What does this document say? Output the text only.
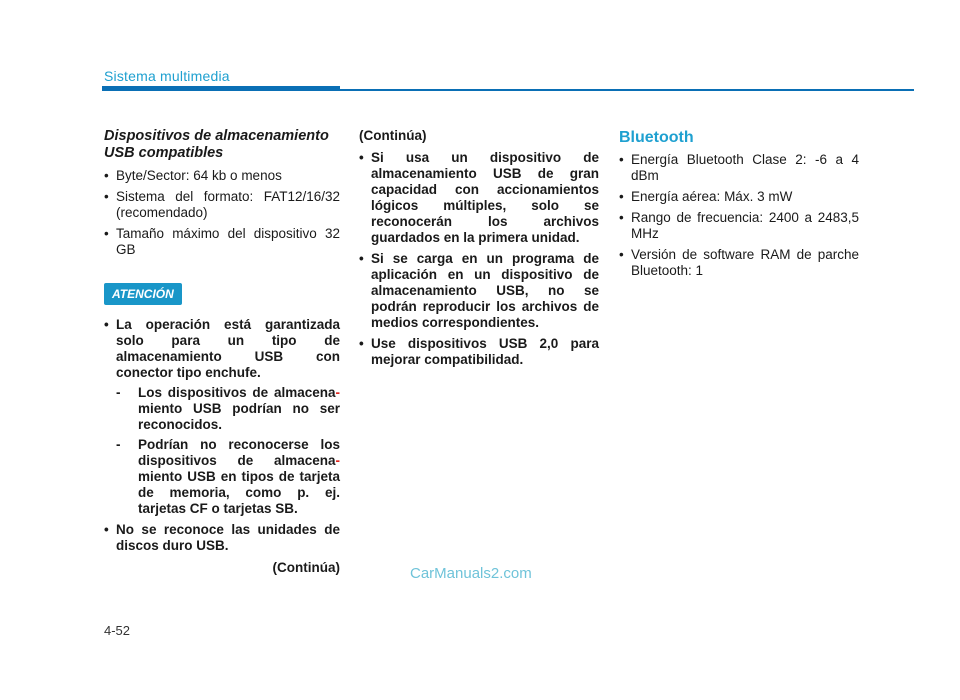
Sistema multimedia
Dispositivos de almacenamiento USB compatibles
• Byte/Sector: 64 kb o menos
• Sistema del formato: FAT12/16/32 (recomendado)
• Tamaño máximo del dispositivo 32 GB
ATENCIÓN
• La operación está garantizada solo para un tipo de almacenamiento USB con conector tipo enchufe.
- Los dispositivos de almacena- miento USB podrían no ser reconocidos.
- Podrían no reconocerse los dispositivos de almacena- miento USB en tipos de tarjeta de memoria, como p. ej. tarjetas CF o tarjetas SB.
• No se reconoce las unidades de discos duro USB.
(Continúa)
(Continúa)
• Si usa un dispositivo de almacenamiento USB de gran capacidad con accionamientos lógicos múltiples, solo se reconocerán los archivos guardados en la primera unidad.
• Si se carga en un programa de aplicación en un dispositivo de almacenamiento USB, no se podrán reproducir los archivos de medios correspondientes.
• Use dispositivos USB 2,0 para mejorar compatibilidad.
Bluetooth
• Energía Bluetooth Clase 2: -6 a 4 dBm
• Energía aérea: Máx. 3 mW
• Rango de frecuencia: 2400 a 2483,5 MHz
• Versión de software RAM de parche Bluetooth: 1
CarManuals2.com
4-52
